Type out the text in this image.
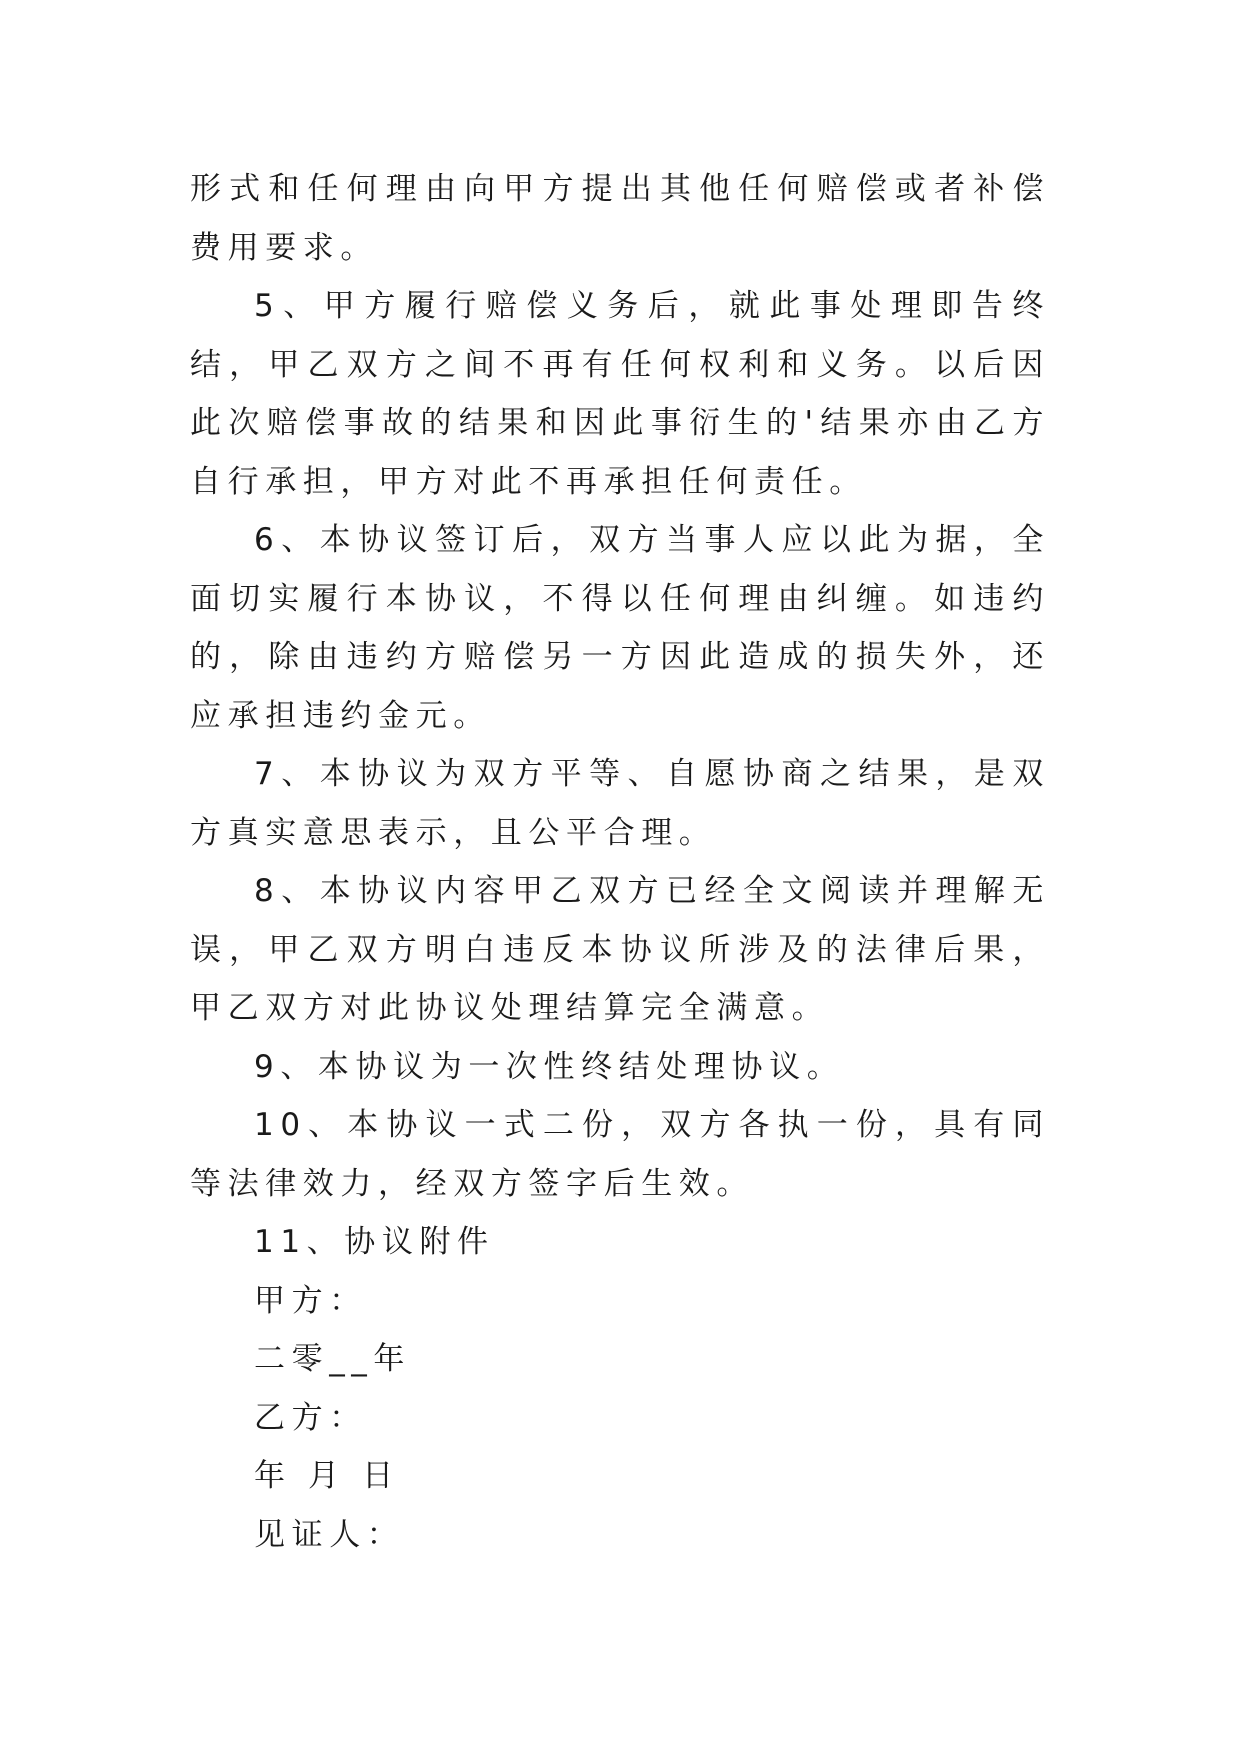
形式和任何理由向甲方提出其他任何赔偿或者补偿费用要求。

5、甲方履行赔偿义务后，就此事处理即告终结，甲乙双方之间不再有任何权利和义务。以后因此次赔偿事故的结果和因此事衍生的'结果亦由乙方自行承担，甲方对此不再承担任何责任。

6、本协议签订后，双方当事人应以此为据，全面切实履行本协议，不得以任何理由纠缠。如违约的，除由违约方赔偿另一方因此造成的损失外，还应承担违约金元。

7、本协议为双方平等、自愿协商之结果，是双方真实意思表示，且公平合理。

8、本协议内容甲乙双方已经全文阅读并理解无误，甲乙双方明白违反本协议所涉及的法律后果，甲乙双方对此协议处理结算完全满意。

9、本协议为一次性终结处理协议。

10、本协议一式二份，双方各执一份，具有同等法律效力，经双方签字后生效。

11、协议附件

甲方：

二零__年

乙方：

年 月 日

见证人：
